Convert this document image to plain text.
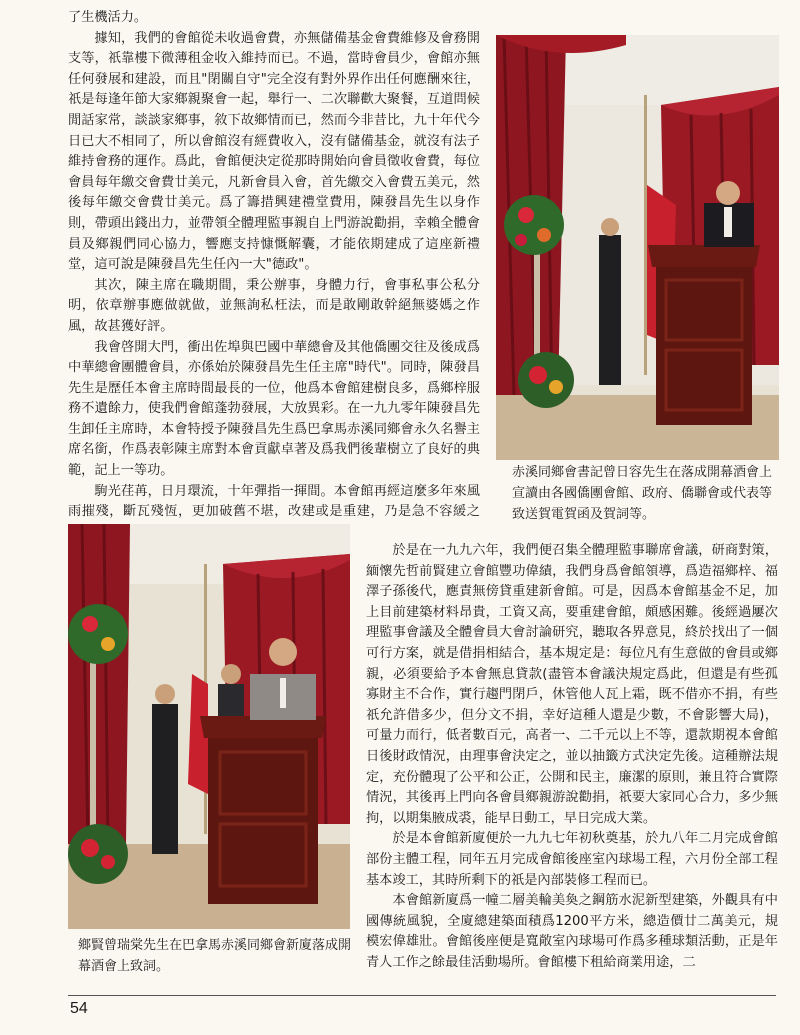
了生機活力。

據知，我們的會館從未收過會費，亦無儲備基金會費維修及會務開支等，祇靠樓下微薄租金收入維持而已。不過，當時會員少，會館亦無任何發展和建設，而且"閉關自守"完全沒有對外界作出任何應酬來往，祇是每逢年節大家鄉親聚會一起，舉行一、二次聯歡大聚餐，互道問候閒話家常，談談家鄉事，敘下故鄉情而已，然而今非昔比，九十年代今日已大不相同了，所以會館沒有經費收入，沒有儲備基金，就沒有法子維持會務的運作。爲此，會館便決定從那時開始向會員徵收會費，每位會員每年繳交會費廿美元，凡新會員入會，首先繳交入會費五美元，然後每年繳交會費廿美元。爲了籌措興建禮堂費用，陳發昌先生以身作則，帶頭出錢出力，並帶領全體理監事親自上門游說勸捐，幸賴全體會員及鄉親們同心協力，響應支持慷慨解囊，才能依期建成了這座新禮堂，這可說是陳發昌先生任內一大"德政"。

其次，陳主席在職期間，秉公辦事，身體力行，會事私事公私分明，依章辦事應做就做，並無詢私枉法，而是敢剛敢幹絕無婆媽之作風，故甚獲好評。

我會啓開大門，衝出佐埠與巴國中華總會及其他僑團交往及後成爲中華總會團體會員，亦係始於陳發昌先生任主席"時代"。同時，陳發昌先生是歷任本會主席時間最長的一位，他爲本會館建樹良多，爲鄉梓服務不遺餘力，使我們會館蓬勃發展，大放異彩。在一九九零年陳發昌先生卸任主席時，本會特授予陳發昌先生爲巴拿馬赤溪同鄉會永久名譽主席名銜，作爲表彰陳主席對本會貢獻卓著及爲我們後輩樹立了良好的典範，記上一等功。

駒光荏苒，日月環流，十年彈指一揮間。本會館再經這麼多年來風雨摧殘，斷瓦殘恆，更加破舊不堪，改建或是重建，乃是急不容緩之

赤溪同鄉會書記曾日容先生在落成開幕酒會上宣讀由各國僑團會館、政府、僑聯會或代表等致送賀電賀函及賀詞等。

於是在一九九六年，我們便召集全體理監事聯席會議，研商對策，緬懷先哲前賢建立會館豐功偉績，我們身爲會館領導，爲造福鄉梓、福澤子孫後代，應責無傍貸重建新會館。可是，因爲本會館基金不足，加上目前建築材料昂貴，工資又高，要重建會館，頗感困難。後經過屢次理監事會議及全體會員大會討論研究，聽取各界意見，終於找出了一個可行方案，就是借捐相結合，基本規定是：每位凡有生意做的會員或鄉親，必須要給予本會無息貸款(盡管本會議決規定爲此，但還是有些孤寡財主不合作，實行趨門閉戶，休管他人瓦上霜，既不借亦不捐，有些祇允許借多少，但分文不捐，幸好這種人還是少數，不會影響大局)，可量力而行，低者數百元，高者一、二千元以上不等，還款期視本會館日後財政情況，由理事會決定之，並以抽籤方式決定先後。這種辦法規定，充份體現了公平和公正，公開和民主，廉潔的原則，兼且符合實際情況，其後再上門向各會員鄉親游說勸捐，祇要大家同心合力，多少無拘，以期集腋成裘，能早日動工，早日完成大業。

於是本會館新廈便於一九九七年初秋奠基，於九八年二月完成會館部份主體工程，同年五月完成會館後座室內球場工程，六月份全部工程基本竣工，其時所剩下的祇是內部裝修工程而已。

本會館新廈爲一幢二層美輪美奐之鋼筋水泥新型建築，外觀具有中國傳統風貌，全廈總建築面積爲1200平方米，總造價廿二萬美元，規模宏偉雄壯。會館後座便是寬敞室內球場可作爲多種球類活動，正是年青人工作之餘最佳活動場所。會館樓下租給商業用途，二

鄉賢曾瑞棠先生在巴拿馬赤溪同鄉會新廈落成開幕酒會上致詞。
54
